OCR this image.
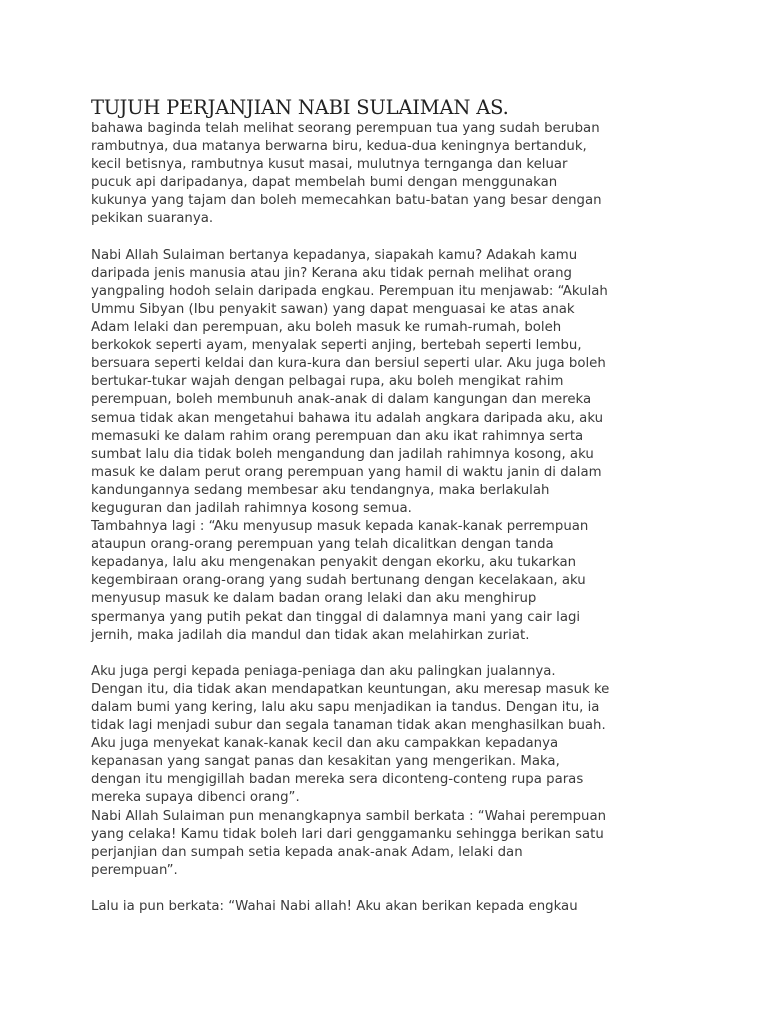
TUJUH PERJANJIAN NABI SULAIMAN AS.
bahawa baginda telah melihat seorang perempuan tua yang sudah beruban
rambutnya, dua matanya berwarna biru, kedua-dua keningnya bertanduk,
kecil betisnya, rambutnya kusut masai, mulutnya ternganga dan keluar
pucuk api daripadanya, dapat membelah bumi dengan menggunakan
kukunya yang tajam dan boleh memecahkan batu-batan yang besar dengan
pekikan suaranya.
Nabi Allah Sulaiman bertanya kepadanya, siapakah kamu? Adakah kamu
daripada jenis manusia atau jin? Kerana aku tidak pernah melihat orang
yangpaling hodoh selain daripada engkau. Perempuan itu menjawab: “Akulah
Ummu Sibyan (Ibu penyakit sawan) yang dapat menguasai ke atas anak
Adam lelaki dan perempuan, aku boleh masuk ke rumah-rumah, boleh
berkokok seperti ayam, menyalak seperti anjing, bertebah seperti lembu,
bersuara seperti keldai dan kura-kura dan bersiul seperti ular. Aku juga boleh
bertukar-tukar wajah dengan pelbagai rupa, aku boleh mengikat rahim
perempuan, boleh membunuh anak-anak di dalam kangungan dan mereka
semua tidak akan mengetahui bahawa itu adalah angkara daripada aku, aku
memasuki ke dalam rahim orang perempuan dan aku ikat rahimnya serta
sumbat lalu dia tidak boleh mengandung dan jadilah rahimnya kosong, aku
masuk ke dalam perut orang perempuan yang hamil di waktu janin di dalam
kandungannya sedang membesar aku tendangnya, maka berlakulah
keguguran dan jadilah rahimnya kosong semua.
Tambahnya lagi : “Aku menyusup masuk kepada kanak-kanak perrempuan
ataupun orang-orang perempuan yang telah dicalitkan dengan tanda
kepadanya, lalu aku mengenakan penyakit dengan ekorku, aku tukarkan
kegembiraan orang-orang yang sudah bertunang dengan kecelakaan, aku
menyusup masuk ke dalam badan orang lelaki dan aku menghirup
spermanya yang putih pekat dan tinggal di dalamnya mani yang cair lagi
jernih, maka jadilah dia mandul dan tidak akan melahirkan zuriat.
Aku juga pergi kepada peniaga-peniaga dan aku palingkan jualannya.
Dengan itu, dia tidak akan mendapatkan keuntungan, aku meresap masuk ke
dalam bumi yang kering, lalu aku sapu menjadikan ia tandus. Dengan itu, ia
tidak lagi menjadi subur dan segala tanaman tidak akan menghasilkan buah.
Aku juga menyekat kanak-kanak kecil dan aku campakkan kepadanya
kepanasan yang sangat panas dan kesakitan yang mengerikan. Maka,
dengan itu mengigillah badan mereka sera diconteng-conteng rupa paras
mereka supaya dibenci orang”.
Nabi Allah Sulaiman pun menangkapnya sambil berkata : “Wahai perempuan
yang celaka! Kamu tidak boleh lari dari genggamanku sehingga berikan satu
perjanjian dan sumpah setia kepada anak-anak Adam, lelaki dan
perempuan”.
Lalu ia pun berkata: “Wahai Nabi allah! Aku akan berikan kepada engkau
